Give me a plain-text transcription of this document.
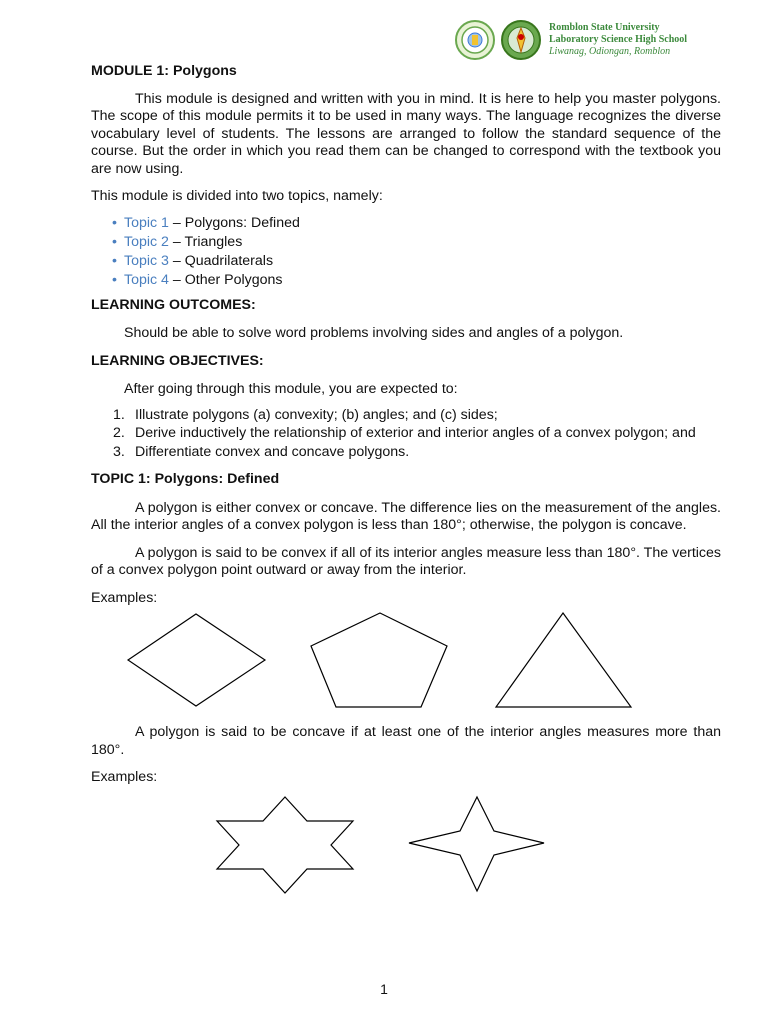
Romblon State University
Laboratory Science High School
Liwanag, Odiongan, Romblon

MODULE 1: Polygons

This module is designed and written with you in mind. It is here to help you master polygons. The scope of this module permits it to be used in many ways. The language recognizes the diverse vocabulary level of students. The lessons are arranged to follow the standard sequence of the course. But the order in which you read them can be changed to correspond with the textbook you are now using.

This module is divided into two topics, namely:

• Topic 1 – Polygons: Defined
• Topic 2 – Triangles
• Topic 3 – Quadrilaterals
• Topic 4 – Other Polygons

LEARNING OUTCOMES:

Should be able to solve word problems involving sides and angles of a polygon.

LEARNING OBJECTIVES:

After going through this module, you are expected to:

1. Illustrate polygons (a) convexity; (b) angles; and (c) sides;
2. Derive inductively the relationship of exterior and interior angles of a convex polygon; and
3. Differentiate convex and concave polygons.

TOPIC 1: Polygons: Defined

A polygon is either convex or concave. The difference lies on the measurement of the angles. All the interior angles of a convex polygon is less than 180°; otherwise, the polygon is concave.

A polygon is said to be convex if all of its interior angles measure less than 180°. The vertices of a convex polygon point outward or away from the interior.

Examples:

A polygon is said to be concave if at least one of the interior angles measures more than 180°.

Examples:

1
